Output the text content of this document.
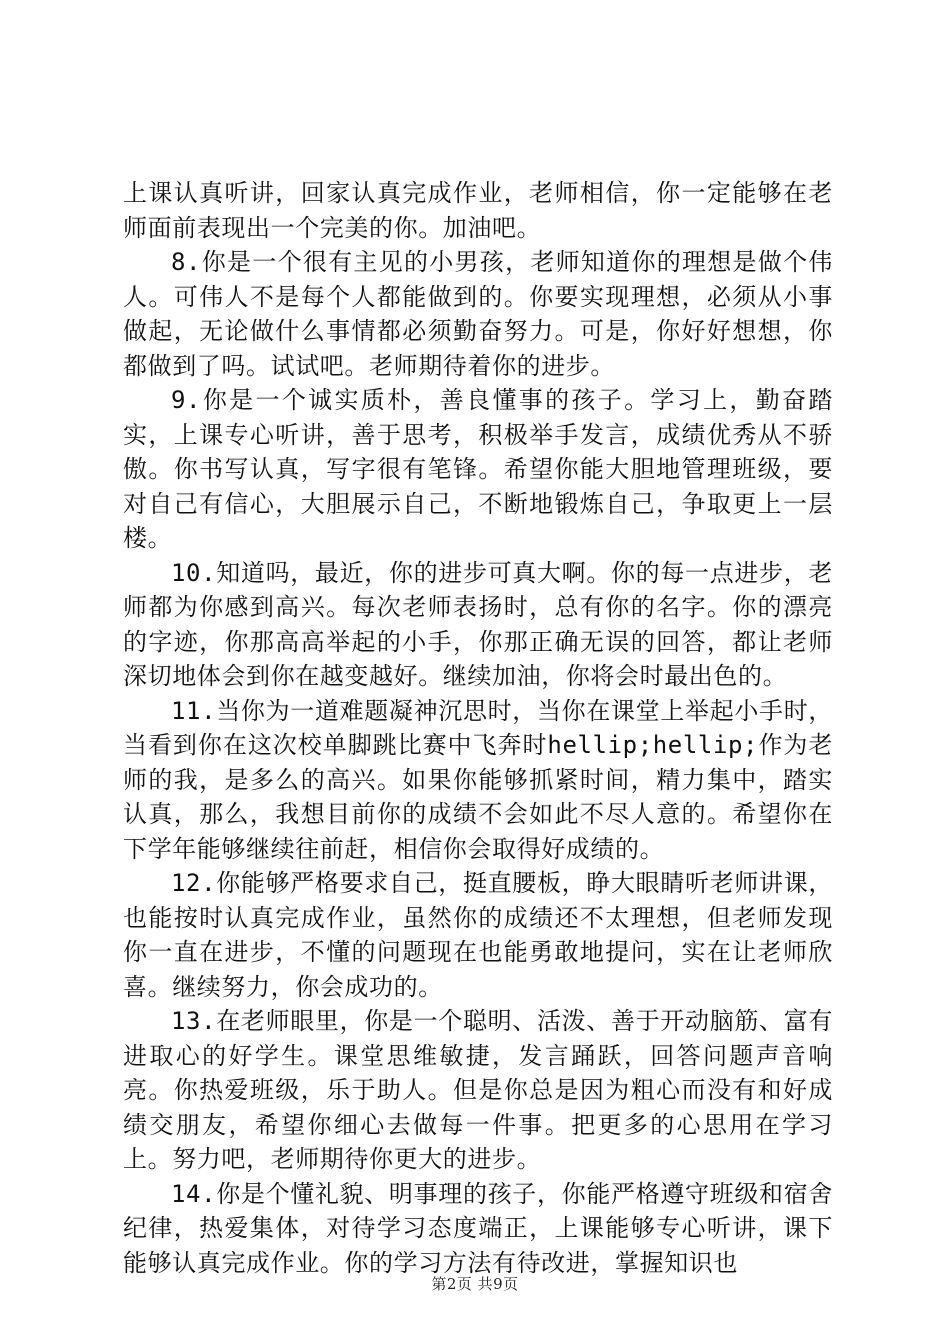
上课认真听讲，回家认真完成作业，老师相信，你一定能够在老师面前表现出一个完美的你。加油吧。

8.你是一个很有主见的小男孩，老师知道你的理想是做个伟人。可伟人不是每个人都能做到的。你要实现理想，必须从小事做起，无论做什么事情都必须勤奋努力。可是，你好好想想，你都做到了吗。试试吧。老师期待着你的进步。

9.你是一个诚实质朴，善良懂事的孩子。学习上，勤奋踏实，上课专心听讲，善于思考，积极举手发言，成绩优秀从不骄傲。你书写认真，写字很有笔锋。希望你能大胆地管理班级，要对自己有信心，大胆展示自己，不断地锻炼自己，争取更上一层楼。

10.知道吗，最近，你的进步可真大啊。你的每一点进步，老师都为你感到高兴。每次老师表扬时，总有你的名字。你的漂亮的字迹，你那高高举起的小手，你那正确无误的回答，都让老师深切地体会到你在越变越好。继续加油，你将会时最出色的。

11.当你为一道难题凝神沉思时，当你在课堂上举起小手时，当看到你在这次校单脚跳比赛中飞奔时hellip;hellip;作为老师的我，是多么的高兴。如果你能够抓紧时间，精力集中，踏实认真，那么，我想目前你的成绩不会如此不尽人意的。希望你在下学年能够继续往前赶，相信你会取得好成绩的。

12.你能够严格要求自己，挺直腰板，睁大眼睛听老师讲课，也能按时认真完成作业，虽然你的成绩还不太理想，但老师发现你一直在进步，不懂的问题现在也能勇敢地提问，实在让老师欣喜。继续努力，你会成功的。

13.在老师眼里，你是一个聪明、活泼、善于开动脑筋、富有进取心的好学生。课堂思维敏捷，发言踊跃，回答问题声音响亮。你热爱班级，乐于助人。但是你总是因为粗心而没有和好成绩交朋友，希望你细心去做每一件事。把更多的心思用在学习上。努力吧，老师期待你更大的进步。

14.你是个懂礼貌、明事理的孩子，你能严格遵守班级和宿舍纪律，热爱集体，对待学习态度端正，上课能够专心听讲，课下能够认真完成作业。你的学习方法有待改进，掌握知识也

第2页 共9页
